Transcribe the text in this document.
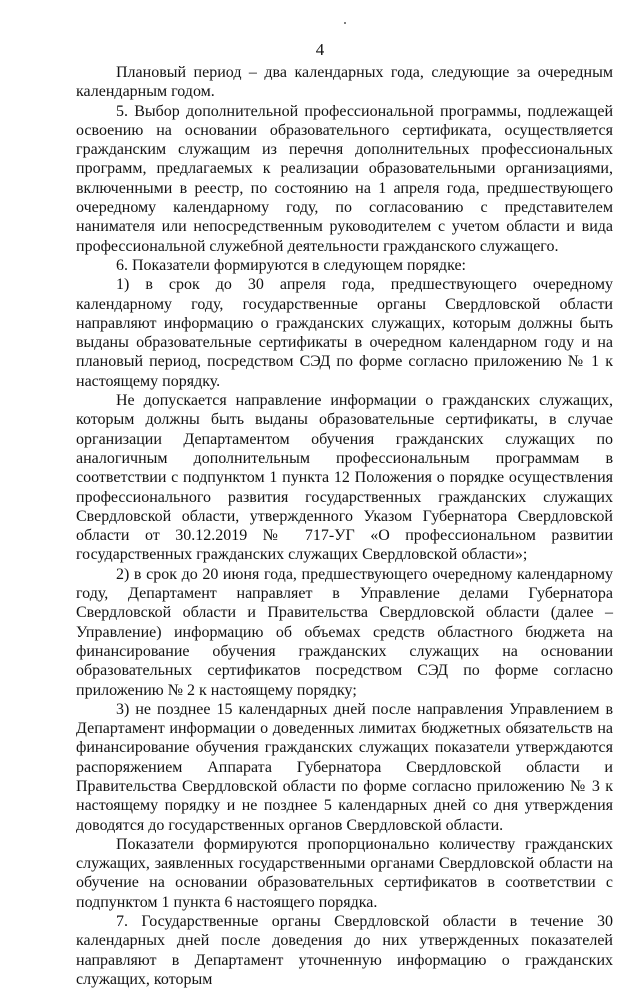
4

Плановый период – два календарных года, следующие за очередным календарным годом.

5. Выбор дополнительной профессиональной программы, подлежащей освоению на основании образовательного сертификата, осуществляется гражданским служащим из перечня дополнительных профессиональных программ, предлагаемых к реализации образовательными организациями, включенными в реестр, по состоянию на 1 апреля года, предшествующего очередному календарному году, по согласованию с представителем нанимателя или непосредственным руководителем с учетом области и вида профессиональной служебной деятельности гражданского служащего.

6. Показатели формируются в следующем порядке:

1) в срок до 30 апреля года, предшествующего очередному календарному году, государственные органы Свердловской области направляют информацию о гражданских служащих, которым должны быть выданы образовательные сертификаты в очередном календарном году и на плановый период, посредством СЭД по форме согласно приложению № 1 к настоящему порядку.

Не допускается направление информации о гражданских служащих, которым должны быть выданы образовательные сертификаты, в случае организации Департаментом обучения гражданских служащих по аналогичным дополнительным профессиональным программам в соответствии с подпунктом 1 пункта 12 Положения о порядке осуществления профессионального развития государственных гражданских служащих Свердловской области, утвержденного Указом Губернатора Свердловской области от 30.12.2019 № 717-УГ «О профессиональном развитии государственных гражданских служащих Свердловской области»;

2) в срок до 20 июня года, предшествующего очередному календарному году, Департамент направляет в Управление делами Губернатора Свердловской области и Правительства Свердловской области (далее – Управление) информацию об объемах средств областного бюджета на финансирование обучения гражданских служащих на основании образовательных сертификатов посредством СЭД по форме согласно приложению № 2 к настоящему порядку;

3) не позднее 15 календарных дней после направления Управлением в Департамент информации о доведенных лимитах бюджетных обязательств на финансирование обучения гражданских служащих показатели утверждаются распоряжением Аппарата Губернатора Свердловской области и Правительства Свердловской области по форме согласно приложению № 3 к настоящему порядку и не позднее 5 календарных дней со дня утверждения доводятся до государственных органов Свердловской области.

Показатели формируются пропорционально количеству гражданских служащих, заявленных государственными органами Свердловской области на обучение на основании образовательных сертификатов в соответствии с подпунктом 1 пункта 6 настоящего порядка.

7. Государственные органы Свердловской области в течение 30 календарных дней после доведения до них утвержденных показателей направляют в Департамент уточненную информацию о гражданских служащих, которым
